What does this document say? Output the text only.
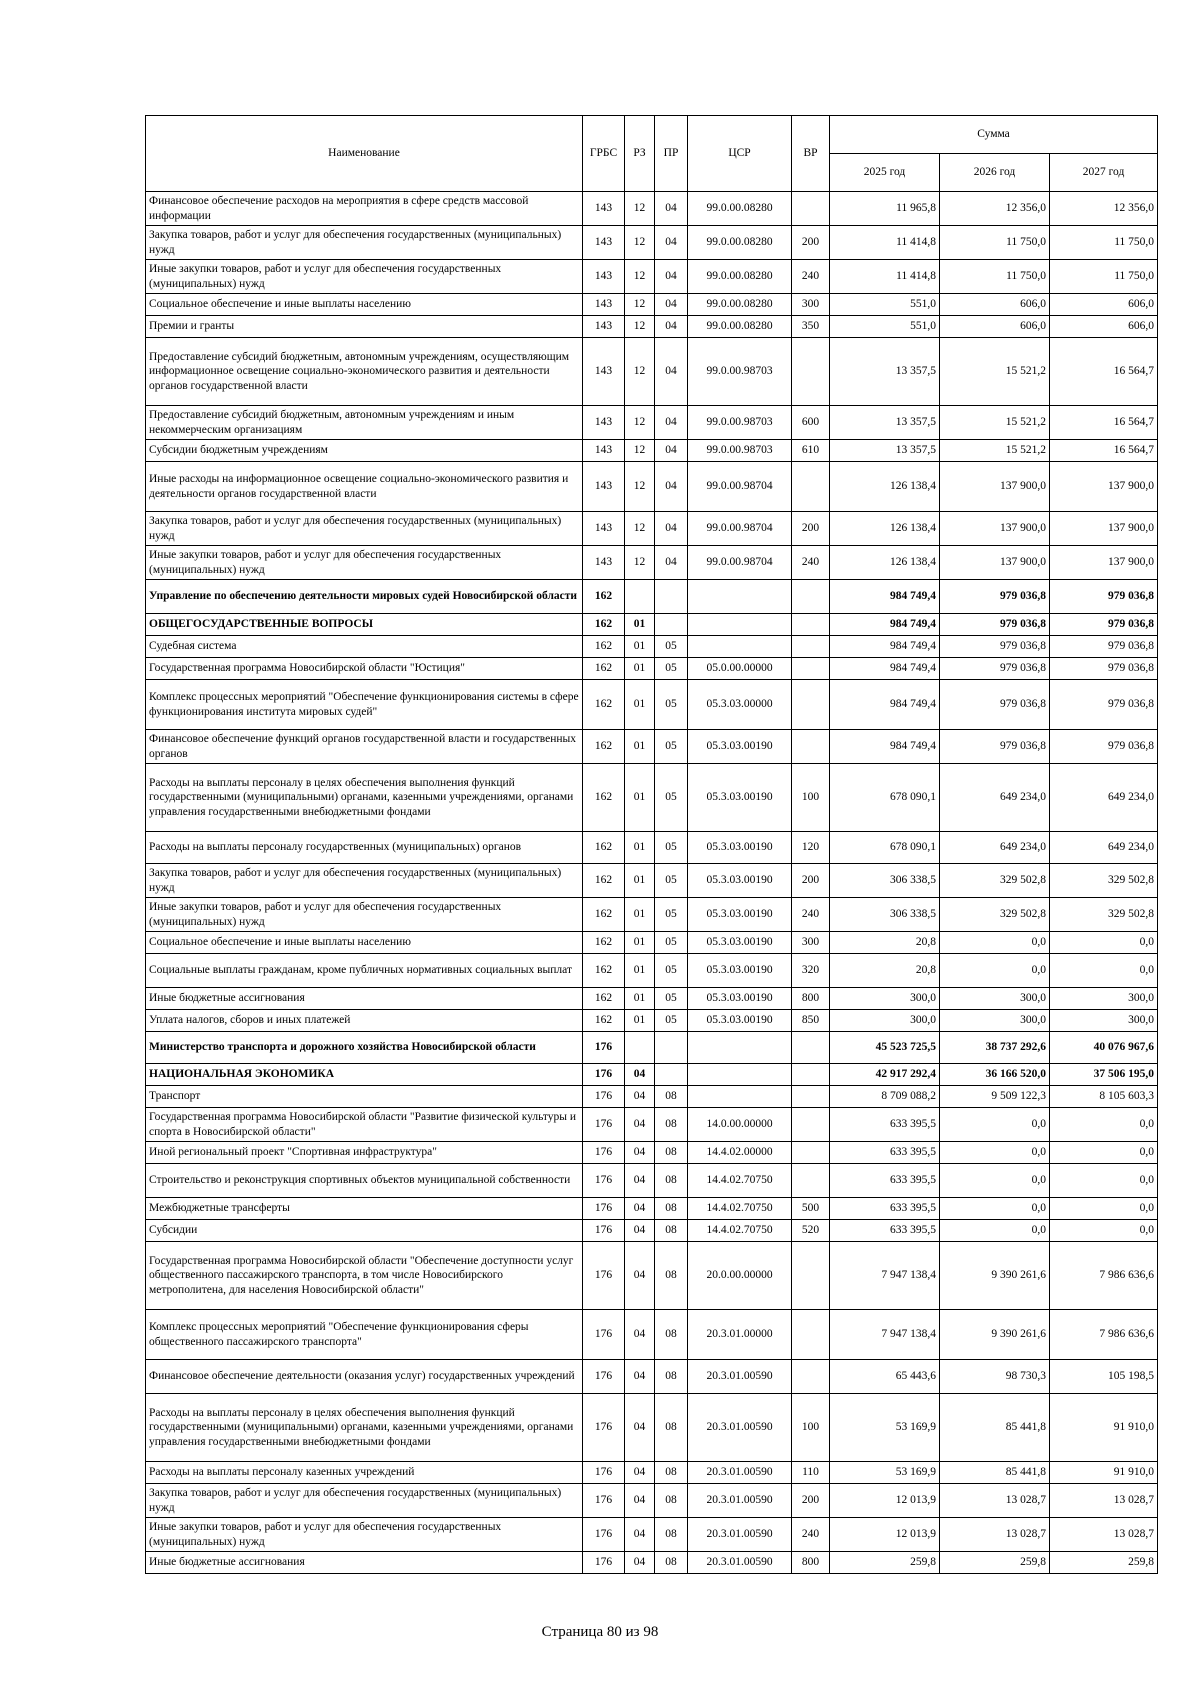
Наименование	ГРБС	РЗ	ПР	ЦСР	ВР	Сумма		
						2025 год	2026 год	2027 год
Финансовое обеспечение расходов на мероприятия в сфере средств массовой информации	143	12	04	99.0.00.08280		11 965,8	12 356,0	12 356,0
Закупка товаров, работ и услуг для обеспечения государственных (муниципальных) нужд	143	12	04	99.0.00.08280	200	11 414,8	11 750,0	11 750,0
Иные закупки товаров, работ и услуг для обеспечения государственных (муниципальных) нужд	143	12	04	99.0.00.08280	240	11 414,8	11 750,0	11 750,0
Социальное обеспечение и иные выплаты населению	143	12	04	99.0.00.08280	300	551,0	606,0	606,0
Премии и гранты	143	12	04	99.0.00.08280	350	551,0	606,0	606,0
Предоставление субсидий бюджетным, автономным учреждениям, осуществляющим информационное освещение социально-экономического развития и деятельности органов государственной власти	143	12	04	99.0.00.98703		13 357,5	15 521,2	16 564,7
Предоставление субсидий бюджетным, автономным учреждениям и иным некоммерческим организациям	143	12	04	99.0.00.98703	600	13 357,5	15 521,2	16 564,7
Субсидии бюджетным учреждениям	143	12	04	99.0.00.98703	610	13 357,5	15 521,2	16 564,7
Иные расходы на информационное освещение социально-экономического развития и деятельности органов государственной власти	143	12	04	99.0.00.98704		126 138,4	137 900,0	137 900,0
Закупка товаров, работ и услуг для обеспечения государственных (муниципальных) нужд	143	12	04	99.0.00.98704	200	126 138,4	137 900,0	137 900,0
Иные закупки товаров, работ и услуг для обеспечения государственных (муниципальных) нужд	143	12	04	99.0.00.98704	240	126 138,4	137 900,0	137 900,0
Управление по обеспечению деятельности мировых судей Новосибирской области	162					984 749,4	979 036,8	979 036,8
ОБЩЕГОСУДАРСТВЕННЫЕ ВОПРОСЫ	162	01				984 749,4	979 036,8	979 036,8
Судебная система	162	01	05			984 749,4	979 036,8	979 036,8
Государственная программа Новосибирской области "Юстиция"	162	01	05	05.0.00.00000		984 749,4	979 036,8	979 036,8
Комплекс процессных мероприятий "Обеспечение функционирования системы в сфере функционирования института мировых судей"	162	01	05	05.3.03.00000		984 749,4	979 036,8	979 036,8
Финансовое обеспечение функций органов государственной власти и государственных органов	162	01	05	05.3.03.00190		984 749,4	979 036,8	979 036,8
Расходы на выплаты персоналу в целях обеспечения выполнения функций государственными (муниципальными) органами, казенными учреждениями, органами управления государственными внебюджетными фондами	162	01	05	05.3.03.00190	100	678 090,1	649 234,0	649 234,0
Расходы на выплаты персоналу государственных (муниципальных) органов	162	01	05	05.3.03.00190	120	678 090,1	649 234,0	649 234,0
Закупка товаров, работ и услуг для обеспечения государственных (муниципальных) нужд	162	01	05	05.3.03.00190	200	306 338,5	329 502,8	329 502,8
Иные закупки товаров, работ и услуг для обеспечения государственных (муниципальных) нужд	162	01	05	05.3.03.00190	240	306 338,5	329 502,8	329 502,8
Социальное обеспечение и иные выплаты населению	162	01	05	05.3.03.00190	300	20,8	0,0	0,0
Социальные выплаты гражданам, кроме публичных нормативных социальных выплат	162	01	05	05.3.03.00190	320	20,8	0,0	0,0
Иные бюджетные ассигнования	162	01	05	05.3.03.00190	800	300,0	300,0	300,0
Уплата налогов, сборов и иных платежей	162	01	05	05.3.03.00190	850	300,0	300,0	300,0
Министерство транспорта и дорожного хозяйства Новосибирской области	176					45 523 725,5	38 737 292,6	40 076 967,6
НАЦИОНАЛЬНАЯ ЭКОНОМИКА	176	04				42 917 292,4	36 166 520,0	37 506 195,0
Транспорт	176	04	08			8 709 088,2	9 509 122,3	8 105 603,3
Государственная программа Новосибирской области "Развитие физической культуры и спорта в Новосибирской области"	176	04	08	14.0.00.00000		633 395,5	0,0	0,0
Иной региональный проект "Спортивная инфраструктура"	176	04	08	14.4.02.00000		633 395,5	0,0	0,0
Строительство и реконструкция спортивных объектов муниципальной собственности	176	04	08	14.4.02.70750		633 395,5	0,0	0,0
Межбюджетные трансферты	176	04	08	14.4.02.70750	500	633 395,5	0,0	0,0
Субсидии	176	04	08	14.4.02.70750	520	633 395,5	0,0	0,0
Государственная программа Новосибирской области "Обеспечение доступности услуг общественного пассажирского транспорта, в том числе Новосибирского метрополитена, для населения Новосибирской области"	176	04	08	20.0.00.00000		7 947 138,4	9 390 261,6	7 986 636,6
Комплекс процессных мероприятий "Обеспечение функционирования сферы общественного пассажирского транспорта"	176	04	08	20.3.01.00000		7 947 138,4	9 390 261,6	7 986 636,6
Финансовое обеспечение деятельности (оказания услуг) государственных учреждений	176	04	08	20.3.01.00590		65 443,6	98 730,3	105 198,5
Расходы на выплаты персоналу в целях обеспечения выполнения функций государственными (муниципальными) органами, казенными учреждениями, органами управления государственными внебюджетными фондами	176	04	08	20.3.01.00590	100	53 169,9	85 441,8	91 910,0
Расходы на выплаты персоналу казенных учреждений	176	04	08	20.3.01.00590	110	53 169,9	85 441,8	91 910,0
Закупка товаров, работ и услуг для обеспечения государственных (муниципальных) нужд	176	04	08	20.3.01.00590	200	12 013,9	13 028,7	13 028,7
Иные закупки товаров, работ и услуг для обеспечения государственных (муниципальных) нужд	176	04	08	20.3.01.00590	240	12 013,9	13 028,7	13 028,7
Иные бюджетные ассигнования	176	04	08	20.3.01.00590	800	259,8	259,8	259,8
Страница 80 из 98
